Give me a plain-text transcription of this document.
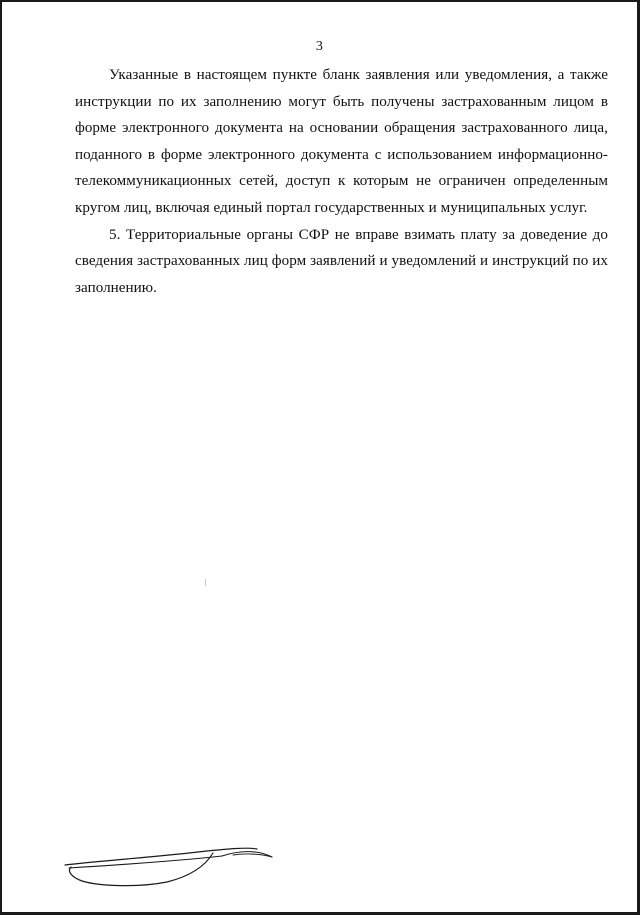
3

Указанные в настоящем пункте бланк заявления или уведомления, а также инструкции по их заполнению могут быть получены застрахованным лицом в форме электронного документа на основании обращения застрахованного лица, поданного в форме электронного документа с использованием информационно-телекоммуникационных сетей, доступ к которым не ограничен определенным кругом лиц, включая единый портал государственных и муниципальных услуг.

5. Территориальные органы СФР не вправе взимать плату за доведение до сведения застрахованных лиц форм заявлений и уведомлений и инструкций по их заполнению.
